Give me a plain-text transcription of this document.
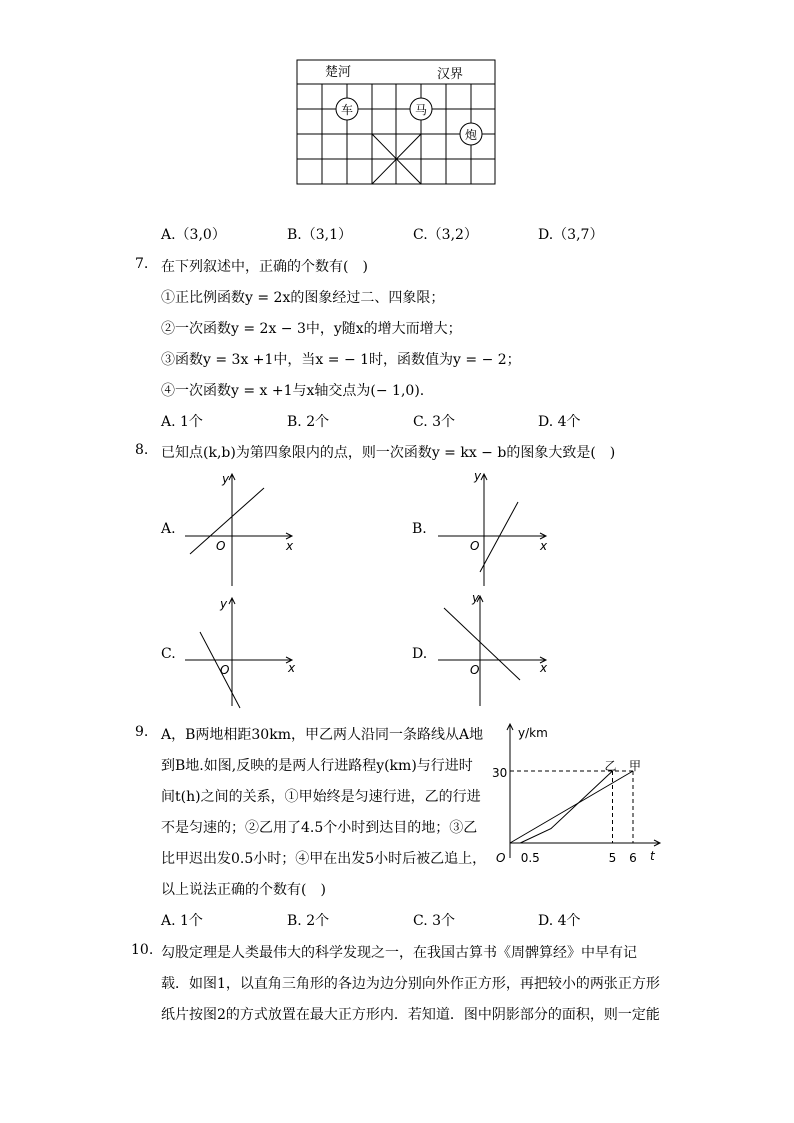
楚河	汉界
车	马
炮
A.（3,0）	B.（3,1）	C.（3,2）	D.（3,7）
7. 在下列叙述中，正确的个数有(　)
①正比例函数y = 2x的图象经过二、四象限；
②一次函数y = 2x − 3中，y随x的增大而增大；
③函数y = 3x +1中，当x = − 1时，函数值为y = − 2；
④一次函数y = x +1与x轴交点为(− 1,0).
A. 1个	B. 2个	C. 3个	D. 4个
8. 已知点(k,b)为第四象限内的点，则一次函数y = kx − b的图象大致是(　)
A.	B.
C.	D.
y
x
O
y
x
O
y
x
O
y
x
O
9. A，B两地相距30km，甲乙两人沿同一条路线从A地
到B地.如图,反映的是两人行进路程y(km)与行进时
间t(h)之间的关系，①甲始终是匀速行进，乙的行进
不是匀速的；②乙用了4.5个小时到达目的地；③乙
比甲迟出发0.5小时；④甲在出发5小时后被乙追上，
以上说法正确的个数有(　)
y/km
t
O
30
0.5	5 6
乙 甲
A. 1个	B. 2个	C. 3个	D. 4个
10. 勾股定理是人类最伟大的科学发现之一，在我国古算书《周髀算经》中早有记
载．如图1，以直角三角形的各边为边分别向外作正方形，再把较小的两张正方形
纸片按图2的方式放置在最大正方形内．若知道．图中阴影部分的面积，则一定能
